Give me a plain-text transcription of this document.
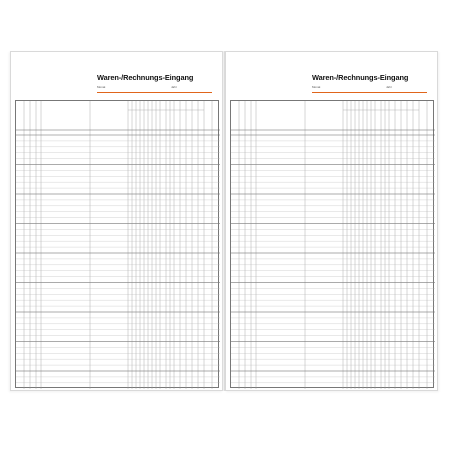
Waren-/Rechnungs-Eingang
Monat	Jahr
Waren-/Rechnungs-Eingang
Monat	Jahr
